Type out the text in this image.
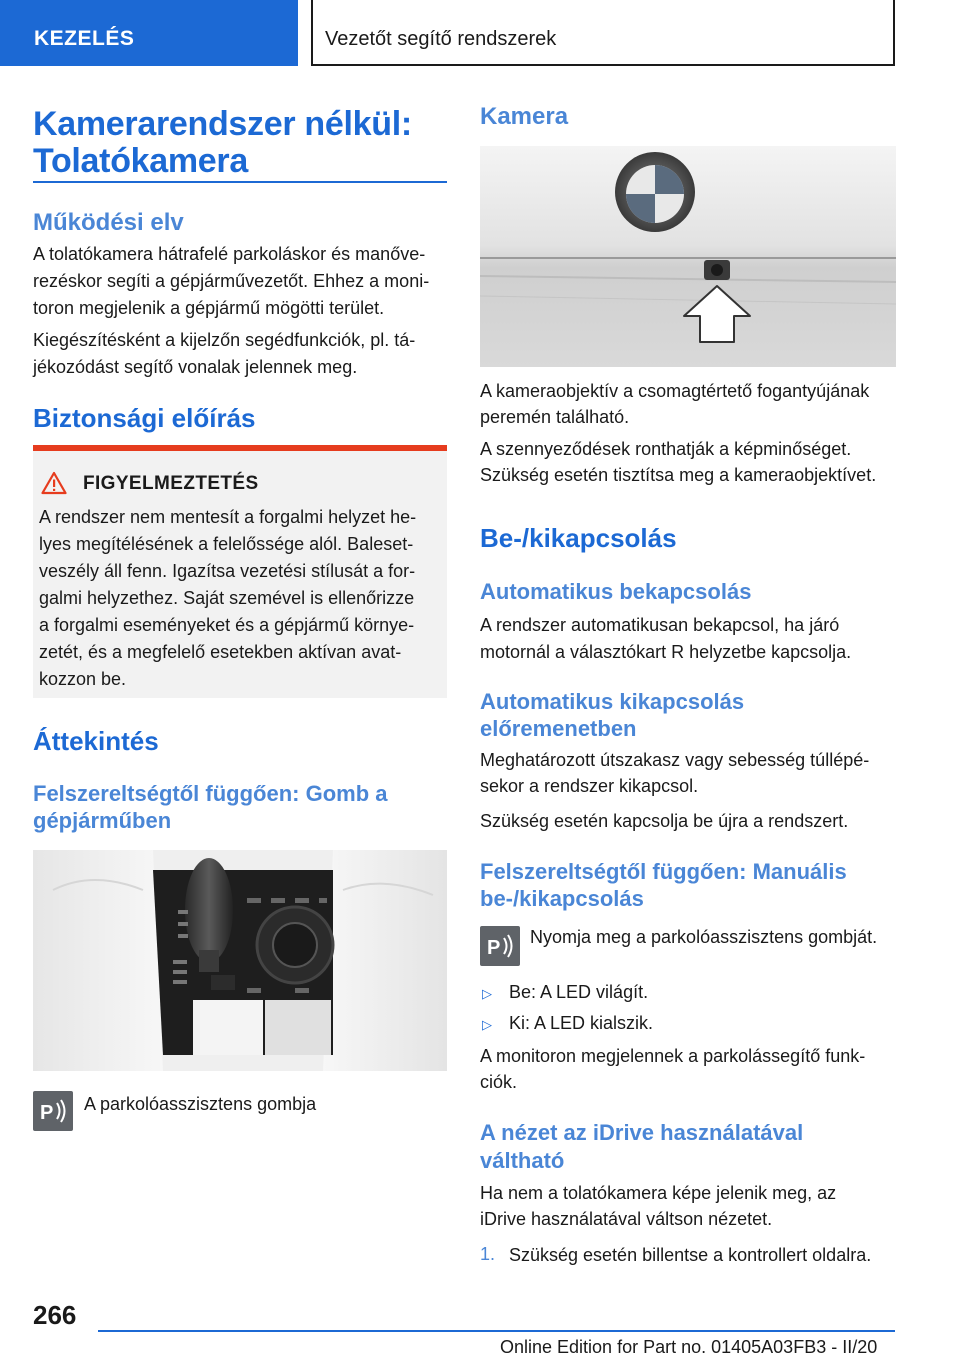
KEZELÉS	Vezetőt segítő rendszerek
Kamerarendszer nélkül:
Tolatókamera
Működési elv
A tolatókamera hátrafelé parkoláskor és manőve-
rezéskor segíti a gépjárművezetőt. Ehhez a moni-
toron megjelenik a gépjármű mögötti terület.
Kiegészítésként a kijelzőn segédfunkciók, pl. tá-
jékozódást segítő vonalak jelennek meg.
Biztonsági előírás
FIGYELMEZTETÉS
A rendszer nem mentesít a forgalmi helyzet he-
lyes megítélésének a felelőssége alól. Baleset-
veszély áll fenn. Igazítsa vezetési stílusát a for-
galmi helyzethez. Saját szemével is ellenőrizze
a forgalmi eseményeket és a gépjármű környe-
zetét, és a megfelelő esetekben aktívan avat-
kozzon be.
Áttekintés
Felszereltségtől függően: Gomb a
gépjárműben
P A parkolóasszisztens gombja
Kamera
A kameraobjektív a csomagtértető fogantyújának
peremén található.
A szennyeződések ronthatják a képminőséget.
Szükség esetén tisztítsa meg a kameraobjektívet.
Be-/kikapcsolás
Automatikus bekapcsolás
A rendszer automatikusan bekapcsol, ha járó
motornál a választókart R helyzetbe kapcsolja.
Automatikus kikapcsolás
előremenetben
Meghatározott útszakasz vagy sebesség túllépé-
sekor a rendszer kikapcsol.
Szükség esetén kapcsolja be újra a rendszert.
Felszereltségtől függően: Manuális
be-/kikapcsolás
P Nyomja meg a parkolóasszisztens gombját.
▷ Be: A LED világít.
▷ Ki: A LED kialszik.
A monitoron megjelennek a parkolássegítő funk-
ciók.
A nézet az iDrive használatával
váltható
Ha nem a tolatókamera képe jelenik meg, az
iDrive használatával váltson nézetet.
1. Szükség esetén billentse a kontrollert oldalra.
266
Online Edition for Part no. 01405A03FB3 - II/20
